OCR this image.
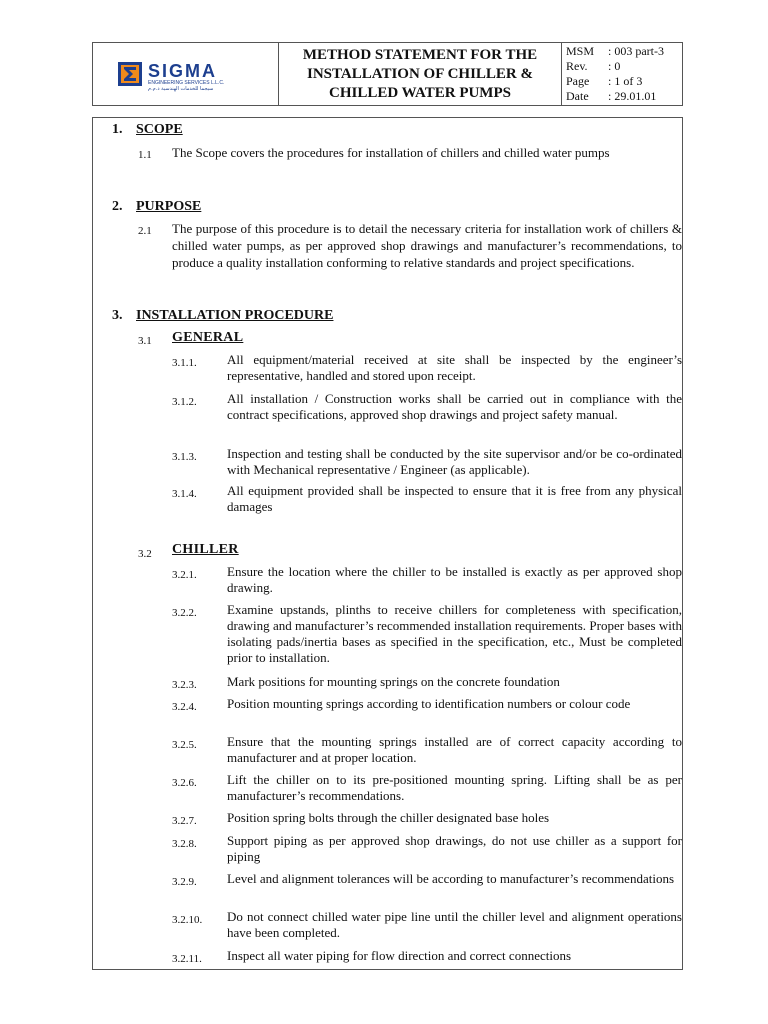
SIGMA
ENGINEERING SERVICES L.L.C.
سيجما للخدمات الهندسية ذ.م.م
METHOD STATEMENT FOR THE
INSTALLATION OF CHILLER &
CHILLED WATER PUMPS
MSM	: 003 part-3
Rev.	: 0
Page	: 1 of 3
Date	: 29.01.01
1. SCOPE
1.1 The Scope covers the procedures for installation of chillers and chilled water pumps
2. PURPOSE
2.1 The purpose of this procedure is to detail the necessary criteria for installation work of chillers & chilled water pumps, as per approved shop drawings and manufacturer’s recommendations, to produce a quality installation conforming to relative standards and project specifications.
3. INSTALLATION PROCEDURE
3.1 GENERAL
3.1.1. All equipment/material received at site shall be inspected by the engineer’s representative, handled and stored upon receipt.
3.1.2. All installation / Construction works shall be carried out in compliance with the contract specifications, approved shop drawings and project safety manual.
3.1.3. Inspection and testing shall be conducted by the site supervisor and/or be co-ordinated with Mechanical representative / Engineer (as applicable).
3.1.4. All equipment provided shall be inspected to ensure that it is free from any physical damages
3.2 CHILLER
3.2.1. Ensure the location where the chiller to be installed is exactly as per approved shop drawing.
3.2.2. Examine upstands, plinths to receive chillers for completeness with specification, drawing and manufacturer’s recommended installation requirements. Proper bases with isolating pads/inertia bases as specified in the specification, etc., Must be completed prior to installation.
3.2.3. Mark positions for mounting springs on the concrete foundation
3.2.4. Position mounting springs according to identification numbers or colour code
3.2.5. Ensure that the mounting springs installed are of correct capacity according to manufacturer and at proper location.
3.2.6. Lift the chiller on to its pre-positioned mounting spring. Lifting shall be as per manufacturer’s recommendations.
3.2.7. Position spring bolts through the chiller designated base holes
3.2.8. Support piping as per approved shop drawings, do not use chiller as a support for piping
3.2.9. Level and alignment tolerances will be according to manufacturer’s recommendations
3.2.10. Do not connect chilled water pipe line until the chiller level and alignment operations have been completed.
3.2.11. Inspect all water piping for flow direction and correct connections
